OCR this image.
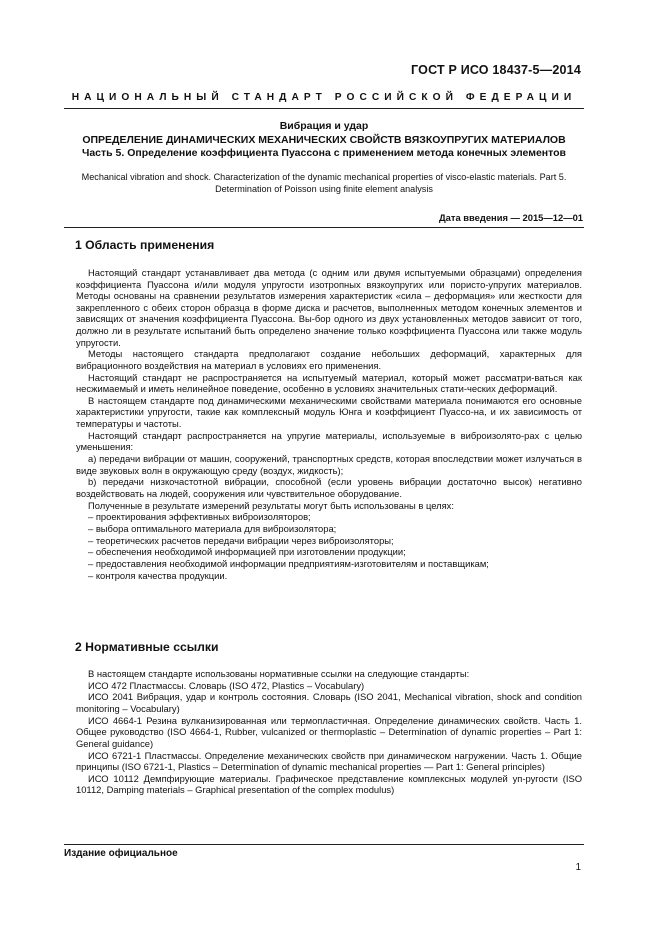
ГОСТ Р ИСО 18437-5—2014
НАЦИОНАЛЬНЫЙ СТАНДАРТ РОССИЙСКОЙ ФЕДЕРАЦИИ
Вибрация и удар
ОПРЕДЕЛЕНИЕ ДИНАМИЧЕСКИХ МЕХАНИЧЕСКИХ СВОЙСТВ ВЯЗКОУПРУГИХ МАТЕРИАЛОВ
Часть 5. Определение коэффициента Пуассона с применением метода конечных элементов
Mechanical vibration and shock. Characterization of the dynamic mechanical properties of visco-elastic materials. Part 5.
Determination of Poisson using finite element analysis
Дата введения — 2015—12—01
1 Область применения

Настоящий стандарт устанавливает два метода (с одним или двумя испытуемыми образцами) определения коэффициента Пуассона и/или модуля упругости изотропных вязкоупругих или пористо-упругих материалов. Методы основаны на сравнении результатов измерения характеристик «сила – деформация» или жесткости для закрепленного с обеих сторон образца в форме диска и расчетов, выполненных методом конечных элементов и зависящих от значения коэффициента Пуассона. Вы-бор одного из двух установленных методов зависит от того, должно ли в результате испытаний быть определено значение только коэффициента Пуассона или также модуль упругости.

Методы настоящего стандарта предполагают создание небольших деформаций, характерных для вибрационного воздействия на материал в условиях его применения.

Настоящий стандарт не распространяется на испытуемый материал, который может рассматри-ваться как несжимаемый и иметь нелинейное поведение, особенно в условиях значительных стати-ческих деформаций.

В настоящем стандарте под динамическими механическими свойствами материала понимаются его основные характеристики упругости, такие как комплексный модуль Юнга и коэффициент Пуассо-на, и их зависимость от температуры и частоты.

Настоящий стандарт распространяется на упругие материалы, используемые в виброизолято-рах с целью уменьшения:

a) передачи вибрации от машин, сооружений, транспортных средств, которая впоследствии может излучаться в виде звуковых волн в окружающую среду (воздух, жидкость);

b) передачи низкочастотной вибрации, способной (если уровень вибрации достаточно высок) негативно воздействовать на людей, сооружения или чувствительное оборудование.

Полученные в результате измерений результаты могут быть использованы в целях:

– проектирования эффективных виброизоляторов;

– выбора оптимального материала для виброизолятора;

– теоретических расчетов передачи вибрации через виброизоляторы;

– обеспечения необходимой информацией при изготовлении продукции;

– предоставления необходимой информации предприятиям-изготовителям и поставщикам;

– контроля качества продукции.

2 Нормативные ссылки

В настоящем стандарте использованы нормативные ссылки на следующие стандарты:

ИСО 472 Пластмассы. Словарь (ISO 472, Plastics – Vocabulary)

ИСО 2041 Вибрация, удар и контроль состояния. Словарь (ISO 2041, Mechanical vibration, shock and condition monitoring – Vocabulary)

ИСО 4664-1 Резина вулканизированная или термопластичная. Определение динамических свойств. Часть 1. Общее руководство (ISO 4664-1, Rubber, vulcanized or thermoplastic – Determination of dynamic properties – Part 1: General guidance)

ИСО 6721-1 Пластмассы. Определение механических свойств при динамическом нагружении. Часть 1. Общие принципы (ISO 6721-1, Plastics – Determination of dynamic mechanical properties — Part 1: General principles)

ИСО 10112 Демпфирующие материалы. Графическое представление комплексных модулей уп-ругости (ISO 10112, Damping materials – Graphical presentation of the complex modulus)

Издание официальное
1
